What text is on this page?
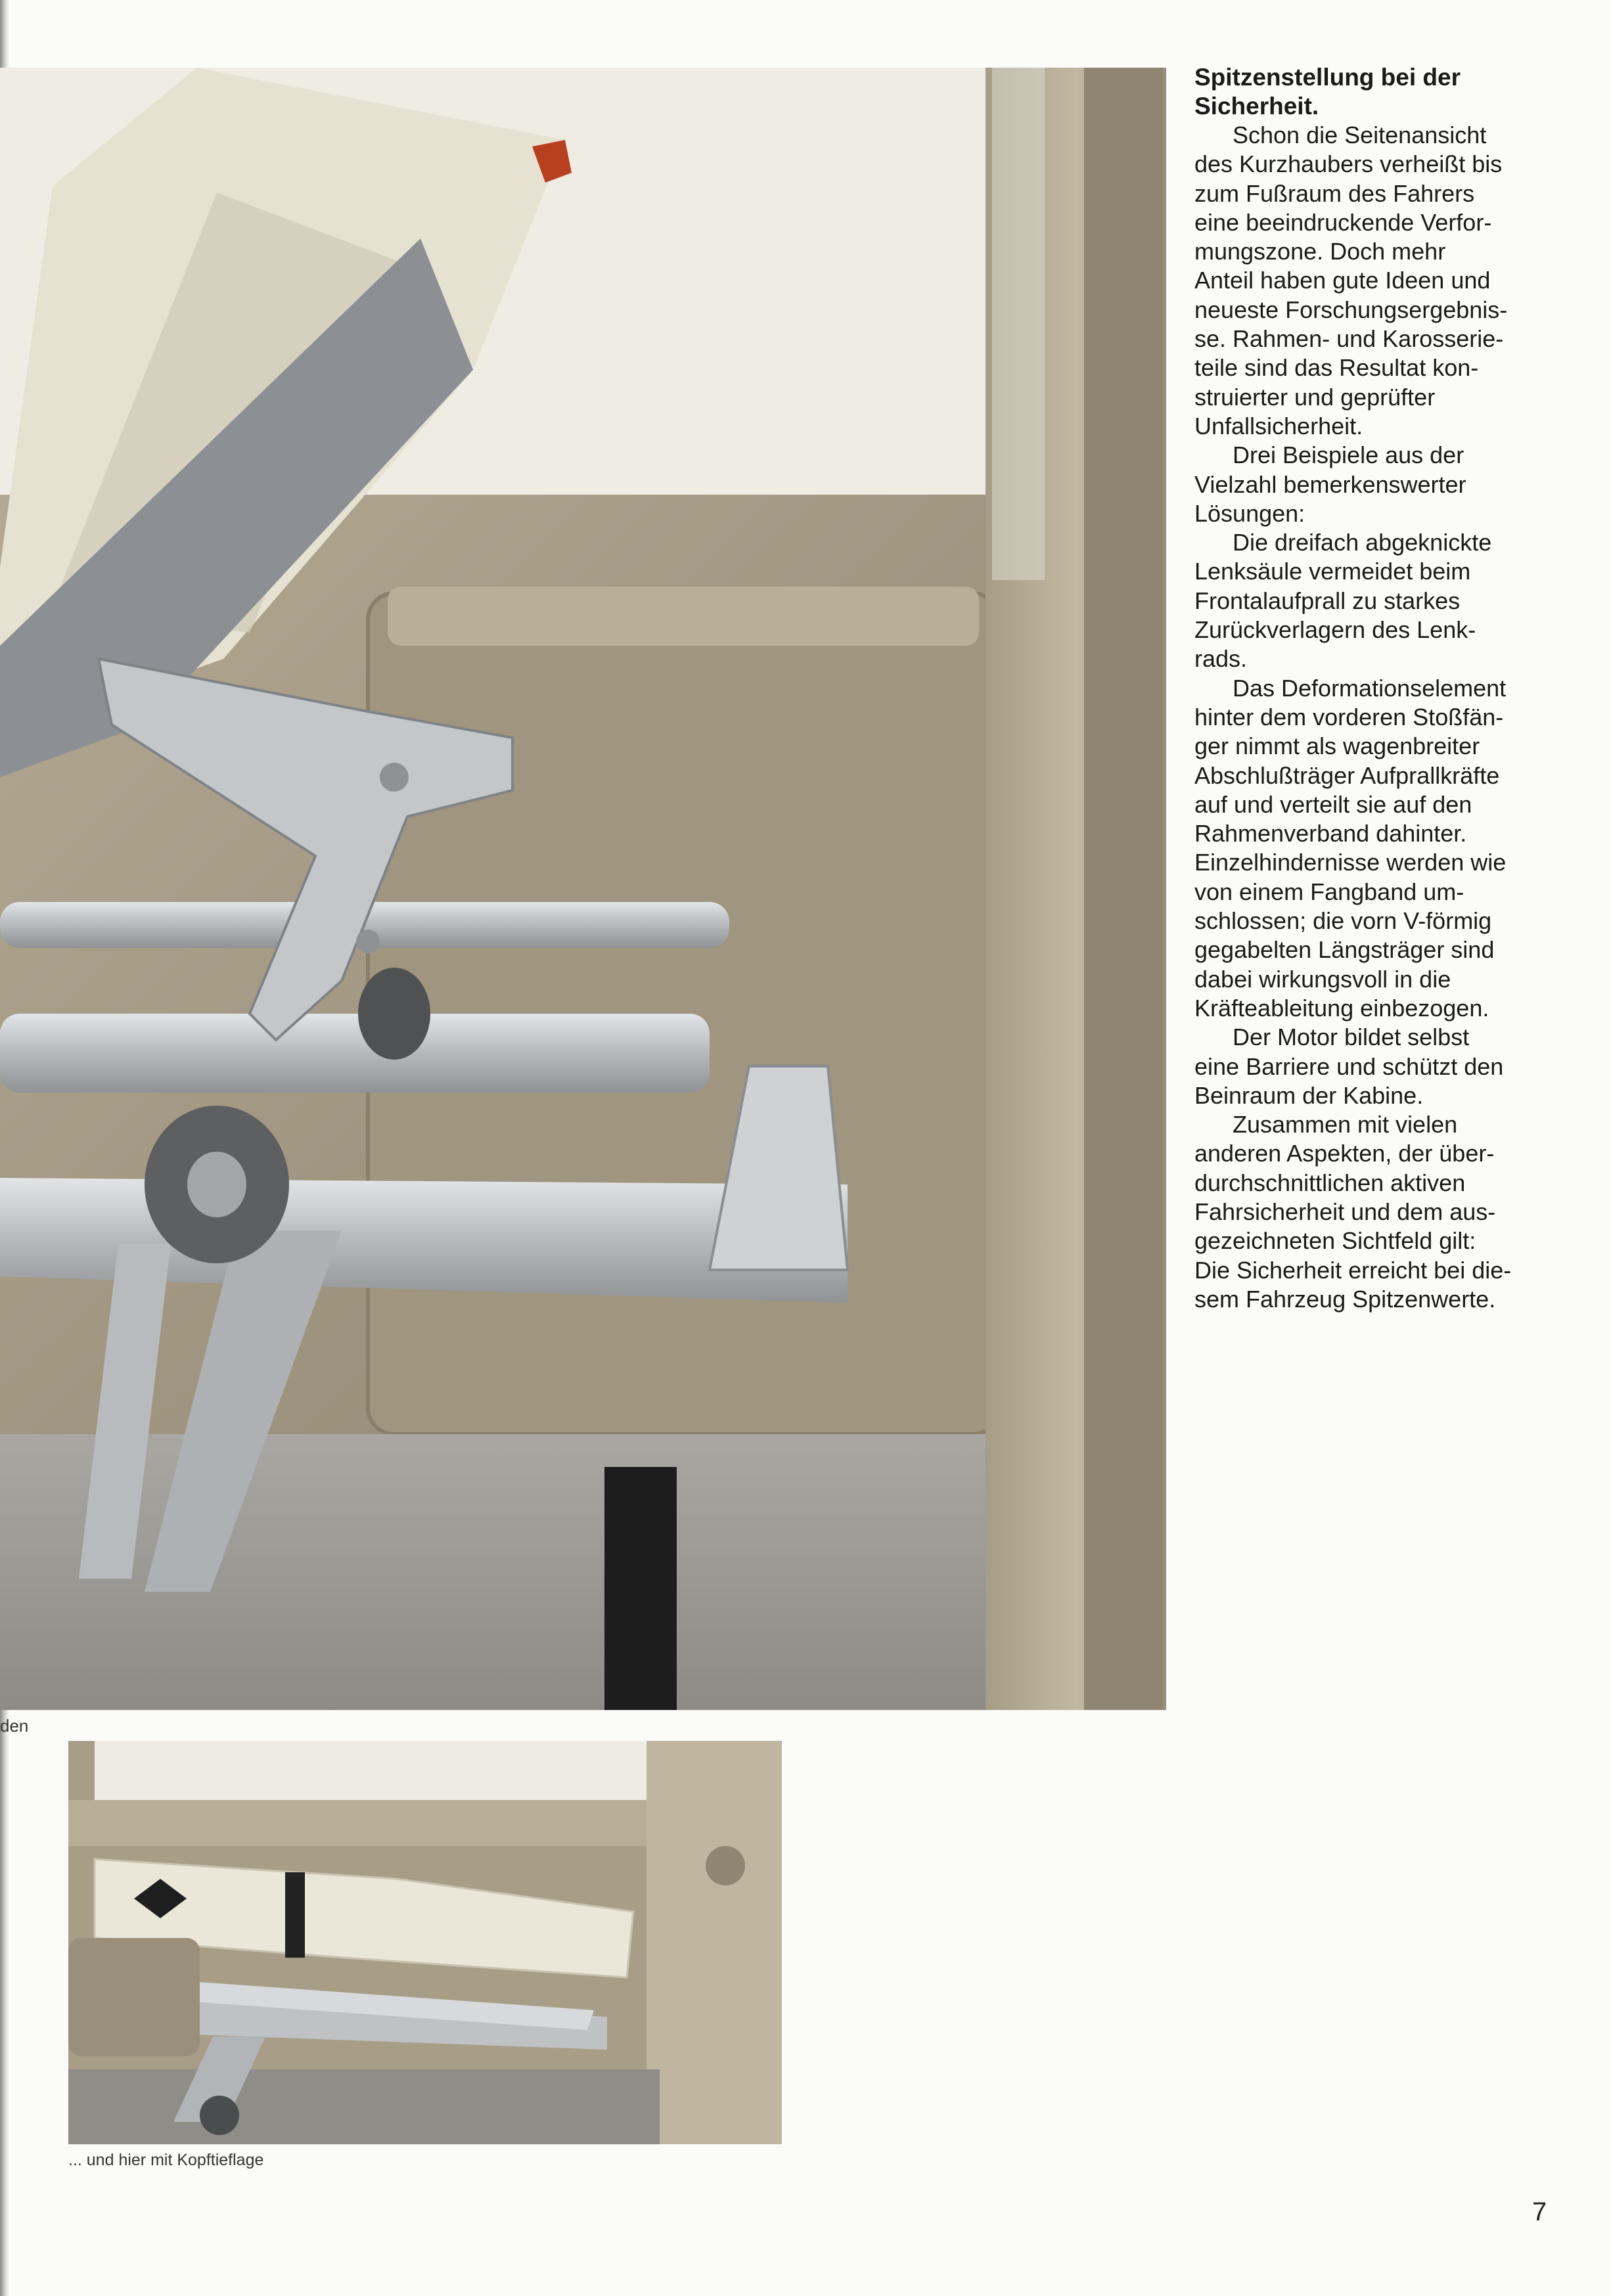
den
... und hier mit Kopftieflage
Spitzenstellung bei der
Sicherheit.
Schon die Seitenansicht
des Kurzhaubers verheißt bis
zum Fußraum des Fahrers
eine beeindruckende Verfor-
mungszone. Doch mehr
Anteil haben gute Ideen und
neueste Forschungsergebnis-
se. Rahmen- und Karosserie-
teile sind das Resultat kon-
struierter und geprüfter
Unfallsicherheit.
Drei Beispiele aus der
Vielzahl bemerkenswerter
Lösungen:
Die dreifach abgeknickte
Lenksäule vermeidet beim
Frontalaufprall zu starkes
Zurückverlagern des Lenk-
rads.
Das Deformationselement
hinter dem vorderen Stoßfän-
ger nimmt als wagenbreiter
Abschlußträger Aufprallkräfte
auf und verteilt sie auf den
Rahmenverband dahinter.
Einzelhindernisse werden wie
von einem Fangband um-
schlossen; die vorn V-förmig
gegabelten Längsträger sind
dabei wirkungsvoll in die
Kräfteableitung einbezogen.
Der Motor bildet selbst
eine Barriere und schützt den
Beinraum der Kabine.
Zusammen mit vielen
anderen Aspekten, der über-
durchschnittlichen aktiven
Fahrsicherheit und dem aus-
gezeichneten Sichtfeld gilt:
Die Sicherheit erreicht bei die-
sem Fahrzeug Spitzenwerte.
7
